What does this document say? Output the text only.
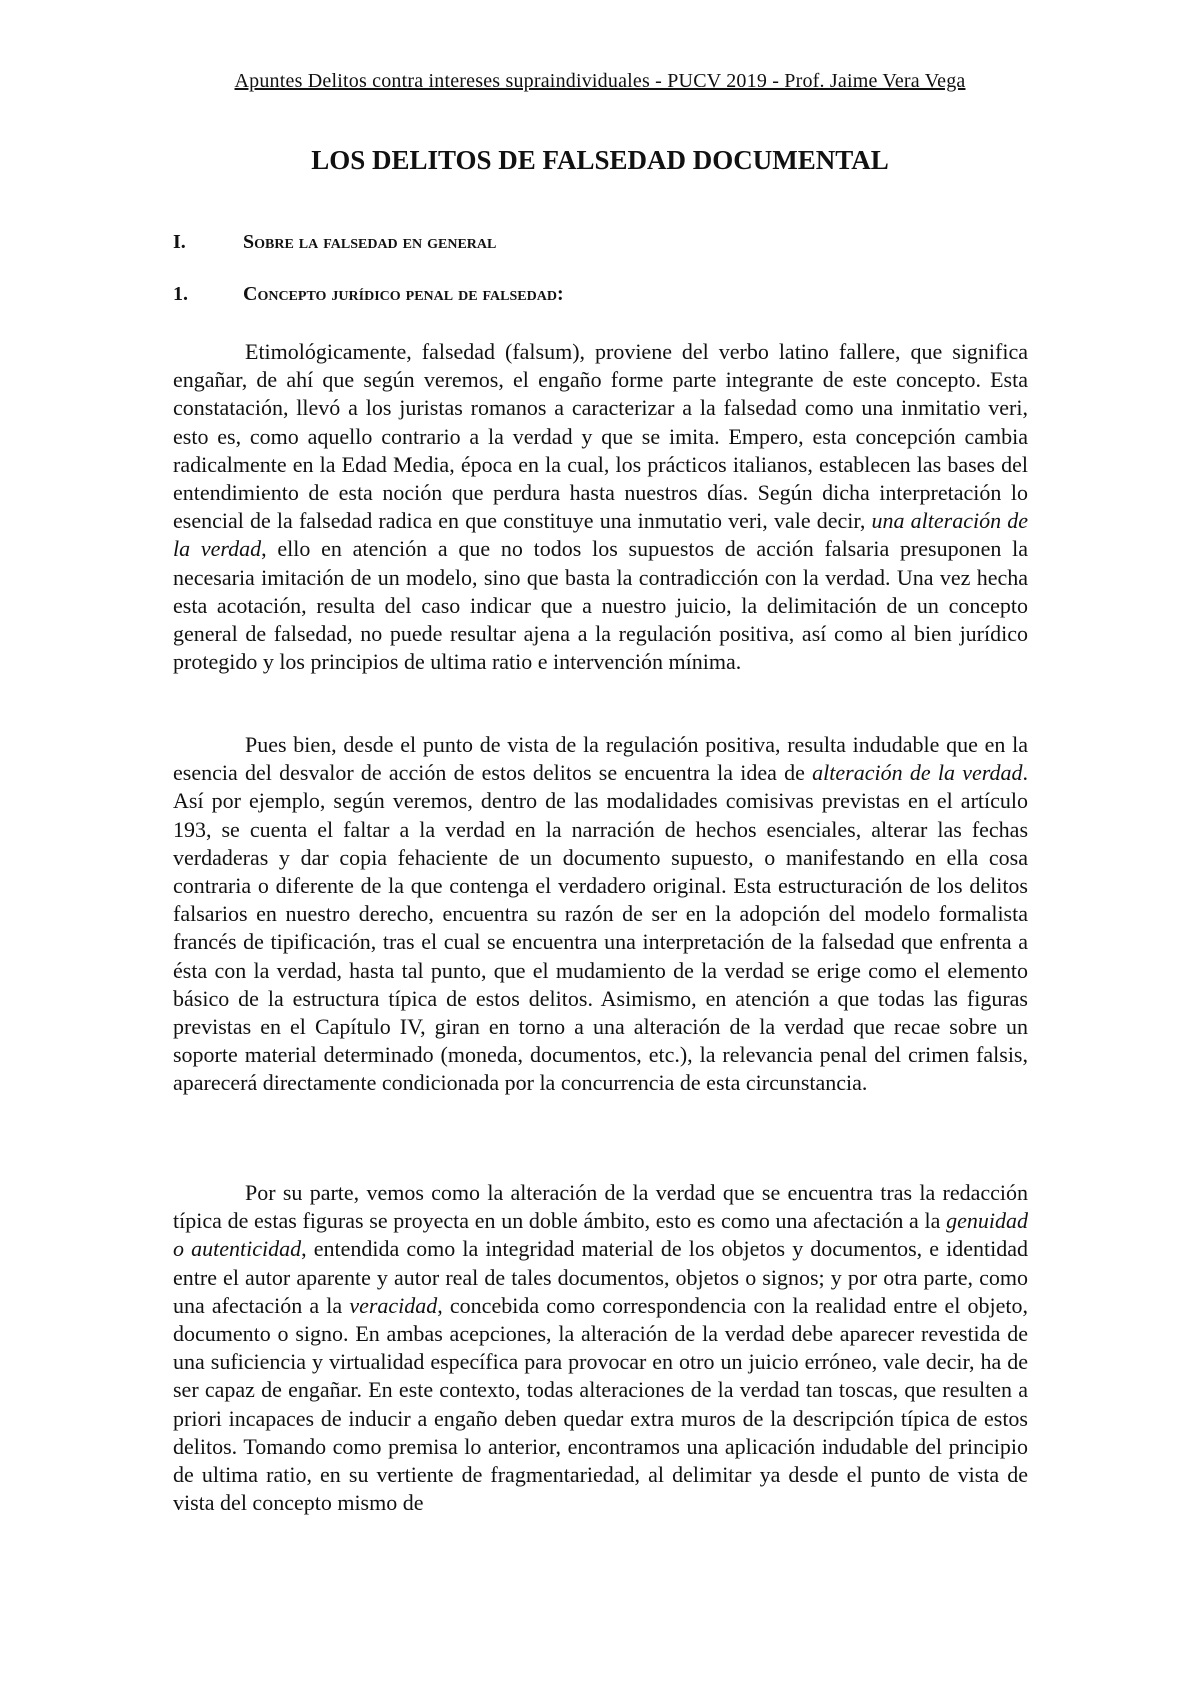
Apuntes Delitos contra intereses supraindividuales - PUCV 2019 - Prof. Jaime Vera Vega
LOS DELITOS DE FALSEDAD DOCUMENTAL
I.	Sobre la falsedad en general
1.	Concepto jurídico penal de falsedad:

Etimológicamente, falsedad (falsum), proviene del verbo latino fallere, que significa engañar, de ahí que según veremos, el engaño forme parte integrante de este concepto. Esta constatación, llevó a los juristas romanos a caracterizar a la falsedad como una inmitatio veri, esto es, como aquello contrario a la verdad y que se imita. Empero, esta concepción cambia radicalmente en la Edad Media, época en la cual, los prácticos italianos, establecen las bases del entendimiento de esta noción que perdura hasta nuestros días. Según dicha interpretación lo esencial de la falsedad radica en que constituye una inmutatio veri, vale decir, una alteración de la verdad, ello en atención a que no todos los supuestos de acción falsaria presuponen la necesaria imitación de un modelo, sino que basta la contradicción con la verdad. Una vez hecha esta acotación, resulta del caso indicar que a nuestro juicio, la delimitación de un concepto general de falsedad, no puede resultar ajena a la regulación positiva, así como al bien jurídico protegido y los principios de ultima ratio e intervención mínima.

Pues bien, desde el punto de vista de la regulación positiva, resulta indudable que en la esencia del desvalor de acción de estos delitos se encuentra la idea de alteración de la verdad. Así por ejemplo, según veremos, dentro de las modalidades comisivas previstas en el artículo 193, se cuenta el faltar a la verdad en la narración de hechos esenciales, alterar las fechas verdaderas y dar copia fehaciente de un documento supuesto, o manifestando en ella cosa contraria o diferente de la que contenga el verdadero original. Esta estructuración de los delitos falsarios en nuestro derecho, encuentra su razón de ser en la adopción del modelo formalista francés de tipificación, tras el cual se encuentra una interpretación de la falsedad que enfrenta a ésta con la verdad, hasta tal punto, que el mudamiento de la verdad se erige como el elemento básico de la estructura típica de estos delitos. Asimismo, en atención a que todas las figuras previstas en el Capítulo IV, giran en torno a una alteración de la verdad que recae sobre un soporte material determinado (moneda, documentos, etc.), la relevancia penal del crimen falsis, aparecerá directamente condicionada por la concurrencia de esta circunstancia.

Por su parte, vemos como la alteración de la verdad que se encuentra tras la redacción típica de estas figuras se proyecta en un doble ámbito, esto es como una afectación a la genuidad o autenticidad, entendida como la integridad material de los objetos y documentos, e identidad entre el autor aparente y autor real de tales documentos, objetos o signos; y por otra parte, como una afectación a la veracidad, concebida como correspondencia con la realidad entre el objeto, documento o signo. En ambas acepciones, la alteración de la verdad debe aparecer revestida de una suficiencia y virtualidad específica para provocar en otro un juicio erróneo, vale decir, ha de ser capaz de engañar. En este contexto, todas alteraciones de la verdad tan toscas, que resulten a priori incapaces de inducir a engaño deben quedar extra muros de la descripción típica de estos delitos. Tomando como premisa lo anterior, encontramos una aplicación indudable del principio de ultima ratio, en su vertiente de fragmentariedad, al delimitar ya desde el punto de vista de vista del concepto mismo de
